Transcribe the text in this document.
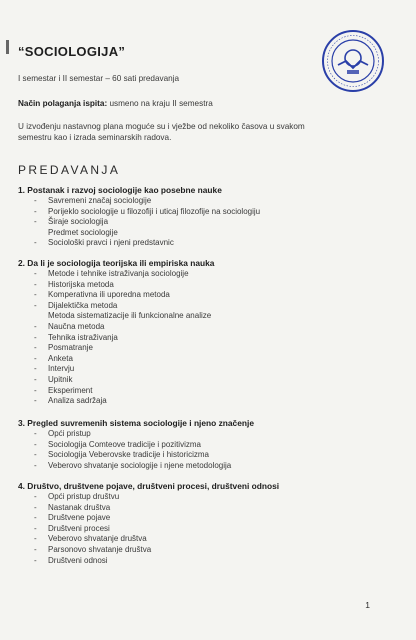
“SOCIOLOGIJA”
I semestar i II semestar – 60 sati predavanja
Način polaganja ispita: usmeno na kraju II semestra
U izvođenju nastavnog plana moguće su i vježbe od nekoliko časova u svakom
semestru kao i izrada seminarskih radova.
PREDAVANJA
1. Postanak i razvoj sociologije kao posebne nauke
- Savremeni značaj sociologije
- Porijeklo sociologije u filozofiji i uticaj filozofije na sociologiju
- Širaje sociologija
Predmet sociologije
- Sociološki pravci i njeni predstavnic
2. Da li je sociologija teorijska ili empiriska nauka
- Metode i tehnike istraživanja sociologije
- Historijska metoda
- Komperativna ili uporedna metoda
- Dijalektička metoda
Metoda sistematizacije ili funkcionalne analize
- Naučna metoda
- Tehnika istraživanja
- Posmatranje
- Anketa
- Intervju
- Upitnik
- Eksperiment
- Analiza sadržaja
3. Pregled suvremenih sistema sociologije i njeno značenje
- Opći pristup
- Sociologija Comteove tradicije i pozitivizma
- Sociologija Veberovske tradicije i historicizma
- Veberovo shvatanje sociologije i njene metodologija
4. Društvo, društvene pojave, društveni procesi, društveni odnosi
- Opći pristup društvu
- Nastanak društva
- Društvene pojave
- Društveni procesi
- Veberovo shvatanje društva
- Parsonovo shvatanje društva
- Društveni odnosi
1
